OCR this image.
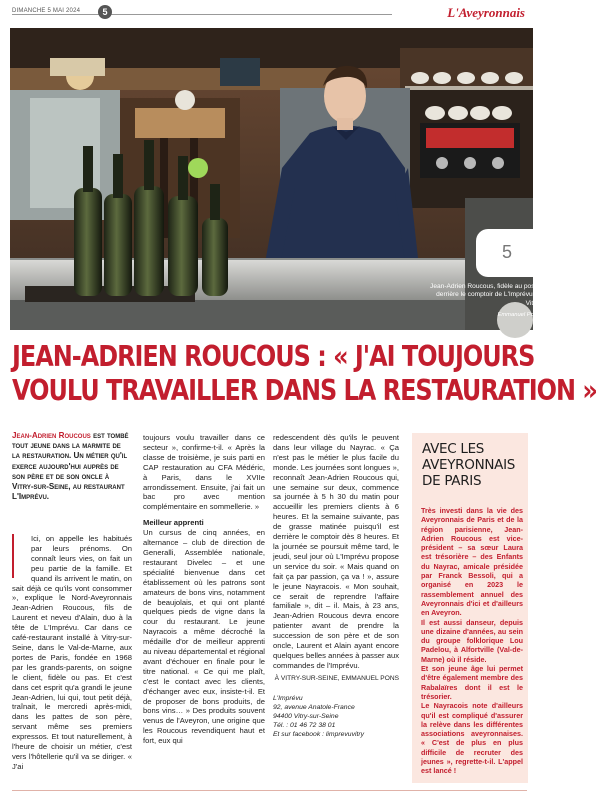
DIMANCHE 5 MAI 2024	5	L'Aveyronnais
5
Jean-Adrien Roucous, fidèle au poste derrière le comptoir de L'Imprévu, à Vitry.
Emmanuel Pons
JEAN-ADRIEN ROUCOUS : « J'AI TOUJOURS
VOULU TRAVAILLER DANS LA RESTAURATION »
Jean-Adrien Roucous est tombé tout jeune dans la marmite de la restauration. Un métier qu'il exerce aujourd'hui auprès de son père et de son oncle à Vitry-sur-Seine, au restaurant L'Imprévu.

Ici, on appelle les habitués par leurs prénoms. On connaît leurs vies, on fait un peu partie de la famille. Et quand ils arrivent le matin, on sait déjà ce qu'ils vont consommer », explique le Nord-Aveyronnais Jean-Adrien Roucous, fils de Laurent et neveu d'Alain, duo à la tête de L'Imprévu. Car dans ce café-restaurant installé à Vitry-sur-Seine, dans le Val-de-Marne, aux portes de Paris, fondée en 1968 par les grands-parents, on soigne le client, fidèle ou pas. Et c'est dans cet esprit qu'a grandi le jeune Jean-Adrien, lui qui, tout petit déjà, traînait, le mercredi après-midi, dans les pattes de son père, servant même ses premiers expressos. Et tout naturellement, à l'heure de choisir un métier, c'est vers l'hôtellerie qu'il va se diriger. « J'ai

toujours voulu travailler dans ce secteur », confirme-t-il. « Après la classe de troisième, je suis parti en CAP restauration au CFA Médéric, à Paris, dans le XVIIe arrondissement. Ensuite, j'ai fait un bac pro avec mention complémentaire en sommellerie. »

Meilleur apprenti

Un cursus de cinq années, en alternance – club de direction de Generalli, Assemblée nationale, restaurant Divelec – et une spécialité bienvenue dans cet établissement où les patrons sont amateurs de bons vins, notamment de beaujolais, et qui ont planté quelques pieds de vigne dans la cour du restaurant. Le jeune Nayracois a même décroché la médaille d'or de meilleur apprenti au niveau départemental et régional avant d'échouer en finale pour le titre national. « Ce qui me plaît, c'est le contact avec les clients, d'échanger avec eux, insiste-t-il. Et de proposer de bons produits, de bons vins… » Des produits souvent venus de l'Aveyron, une origine que les Roucous revendiquent haut et fort, eux qui

redescendent dès qu'ils le peuvent dans leur village du Nayrac. « Ça n'est pas le métier le plus facile du monde. Les journées sont longues », reconnaît Jean-Adrien Roucous qui, une semaine sur deux, commence sa journée à 5 h 30 du matin pour accueillir les premiers clients à 6 heures. Et la semaine suivante, pas de grasse matinée puisqu'il est derrière le comptoir dès 8 heures. Et la journée se poursuit même tard, le jeudi, seul jour où L'Imprévu propose un service du soir. « Mais quand on fait ça par passion, ça va ! », assure le jeune Nayracois. « Mon souhait, ce serait de reprendre l'affaire familiale », dit – il. Mais, à 23 ans, Jean-Adrien Roucous devra encore patienter avant de prendre la succession de son père et de son oncle, Laurent et Alain ayant encore quelques belles années à passer aux commandes de l'Imprévu.

À VITRY-SUR-SEINE, EMMANUEL PONS

L'Imprévu
92, avenue Anatole-France
94400 Vitry-sur-Seine
Tél. : 01 46 72 38 01
Et sur facebook : limprevuvitry
AVEC LES
AVEYRONNAIS
DE PARIS

Très investi dans la vie des Aveyronnais de Paris et de la région parisienne, Jean-Adrien Roucous est vice-président – sa sœur Laura est trésorière – des Enfants du Nayrac, amicale présidée par Franck Bessoli, qui a organisé en 2023 le rassemblement annuel des Aveyronnais d'ici et d'ailleurs en Aveyron.

Il est aussi danseur, depuis une dizaine d'années, au sein du groupe folklorique Lou Padelou, à Alfortville (Val-de-Marne) où il réside.

Et son jeune âge lui permet d'être également membre des Rabalaïres dont il est le trésorier.

Le Nayracois note d'ailleurs qu'il est compliqué d'assurer la relève dans les différentes associations aveyronnaises. « C'est de plus en plus difficile de recruter des jeunes », regrette-t-il. L'appel est lancé !
